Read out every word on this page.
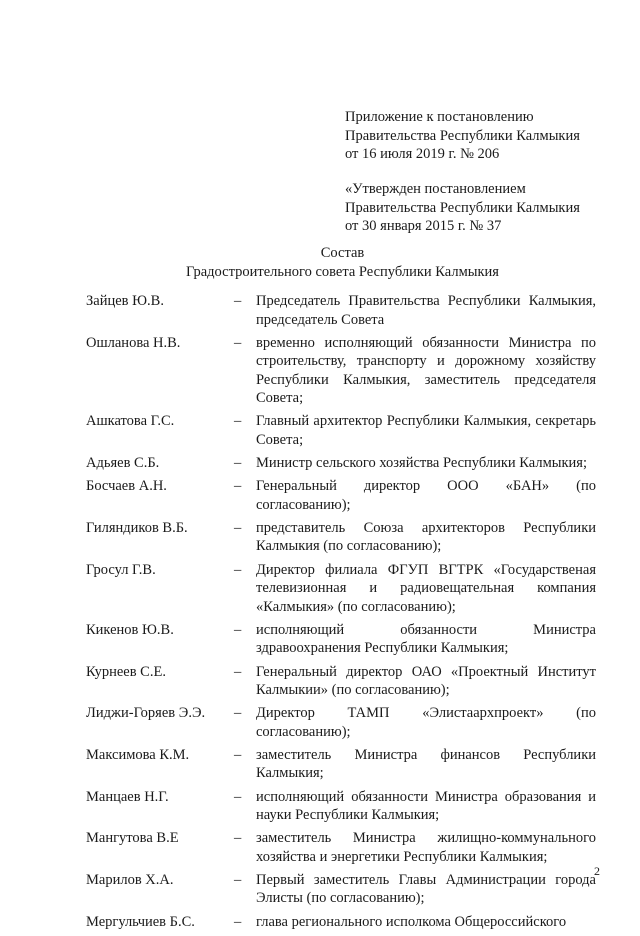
Приложение к постановлению
Правительства Республики Калмыкия
от 16 июля 2019 г. № 206
«Утвержден постановлением
Правительства Республики Калмыкия
от 30 января 2015 г. № 37
Состав
Градостроительного совета Республики Калмыкия
Зайцев Ю.В.	–	Председатель Правительства Республики Калмыкия, председатель Совета
Ошланова Н.В.	–	временно исполняющий обязанности Министра по строительству, транспорту и дорожному хозяйству Республики Калмыкия, заместитель председателя Совета;
Ашкатова Г.С.	–	Главный архитектор Республики Калмыкия, секретарь Совета;
Адьяев С.Б.	–	Министр сельского хозяйства Республики Калмыкия;
Босчаев А.Н.	–	Генеральный директор ООО «БАН» (по согласованию);
Гиляндиков В.Б.	–	представитель Союза архитекторов Республики Калмыкия (по согласованию);
Гросул Г.В.	–	Директор филиала ФГУП ВГТРК «Государственая телевизионная и радиовещательная компания «Калмыкия» (по согласованию);
Кикенов Ю.В.	–	исполняющий обязанности Министра здравоохранения Республики Калмыкия;
Курнеев С.Е.	–	Генеральный директор ОАО «Проектный Институт Калмыкии» (по согласованию);
Лиджи-Горяев Э.Э.	–	Директор ТАМП «Элистаархпроект» (по согласованию);
Максимова К.М.	–	заместитель Министра финансов Республики Калмыкия;
Манцаев Н.Г.	–	исполняющий обязанности Министра образования и науки Республики Калмыкия;
Мангутова В.Е	–	заместитель Министра жилищно-коммунального хозяйства и энергетики Республики Калмыкия;
Марилов Х.А.	–	Первый заместитель Главы Администрации города Элисты (по согласованию);
Мергульчиев Б.С.	–	глава регионального исполкома Общероссийского
2
